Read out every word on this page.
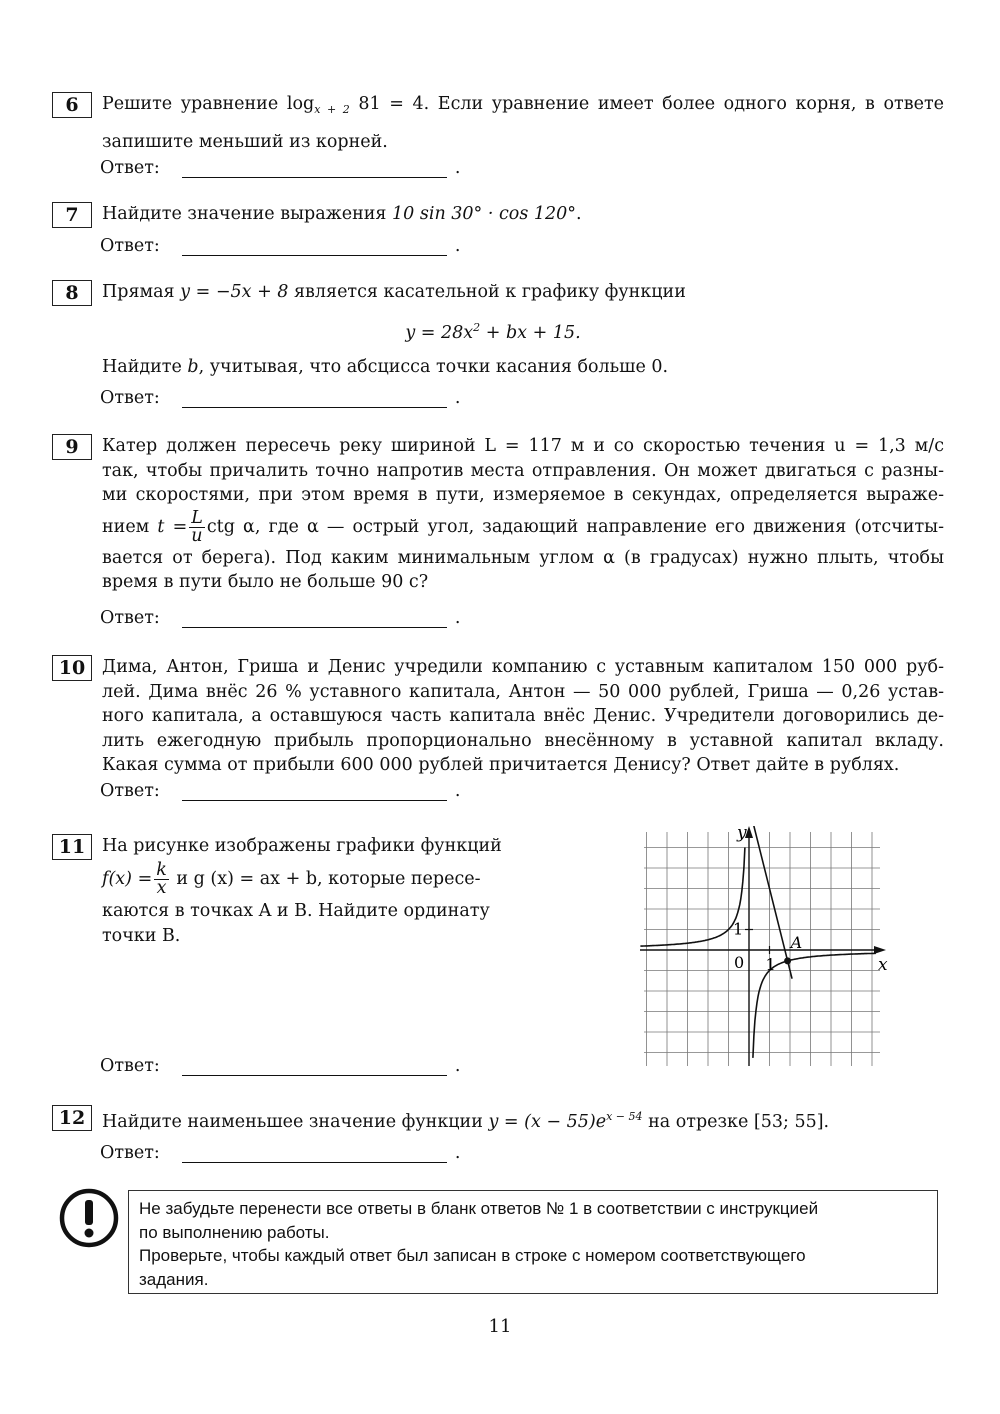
6	Решите уравнение $\log_{x + 2} 81 = 4$. Если уравнение имеет более одного корня, в ответе
запишите меньший из корней.
Ответ:	.
7	Найдите значение выражения 10 sin 30° · cos 120°.
Ответ:	.
8	Прямая y = −5x + 8 является касательной к графику функции
$y = 28x^2$ + bx + 15.
Найдите b, учитывая, что абсцисса точки касания больше 0.
Ответ:	.
9	Катер должен пересечь реку шириной L = 117 м и со скоростью течения u = 1,3 м/с
так, чтобы причалить точно напротив места отправления. Он может двигаться с разны-
ми скоростями, при этом время в пути, измеряемое в секундах, определяется выраже-
нием $t = \frac{L}{u}$ ctg α, где α — острый угол, задающий направление его движения (отсчиты-
вается от берега). Под каким минимальным углом α (в градусах) нужно плыть, чтобы
время в пути было не больше 90 с?
Ответ:	.
10 Дима, Антон, Гриша и Денис учредили компанию с уставным капиталом 150 000 руб-
лей. Дима внёс 26 % уставного капитала, Антон — 50 000 рублей, Гриша — 0,26 устав-
ного капитала, а оставшуюся часть капитала внёс Денис. Учредители договорились де-
лить ежегодную прибыль пропорционально внесённому в уставной капитал вкладу.
Какая сумма от прибыли 600 000 рублей причитается Денису? Ответ дайте в рублях.
Ответ:	.
11 На рисунке изображены графики функций
$f(x) = \frac{k}{x}$ и g (x) = ax + b, которые пересе-
каются в точках A и B. Найдите ординату
точки B.
Ответ:	.
x
y
0 1
1
A
12 Найдите наименьшее значение функции $y = (x - 55)e^{x - 54}$ на отрезке [53; 55].
Ответ:	.
Не забудьте перенести все ответы в бланк ответов № 1 в соответствии с инструкцией
по выполнению работы.
Проверьте, чтобы каждый ответ был записан в строке с номером соответствующего
задания.
11
